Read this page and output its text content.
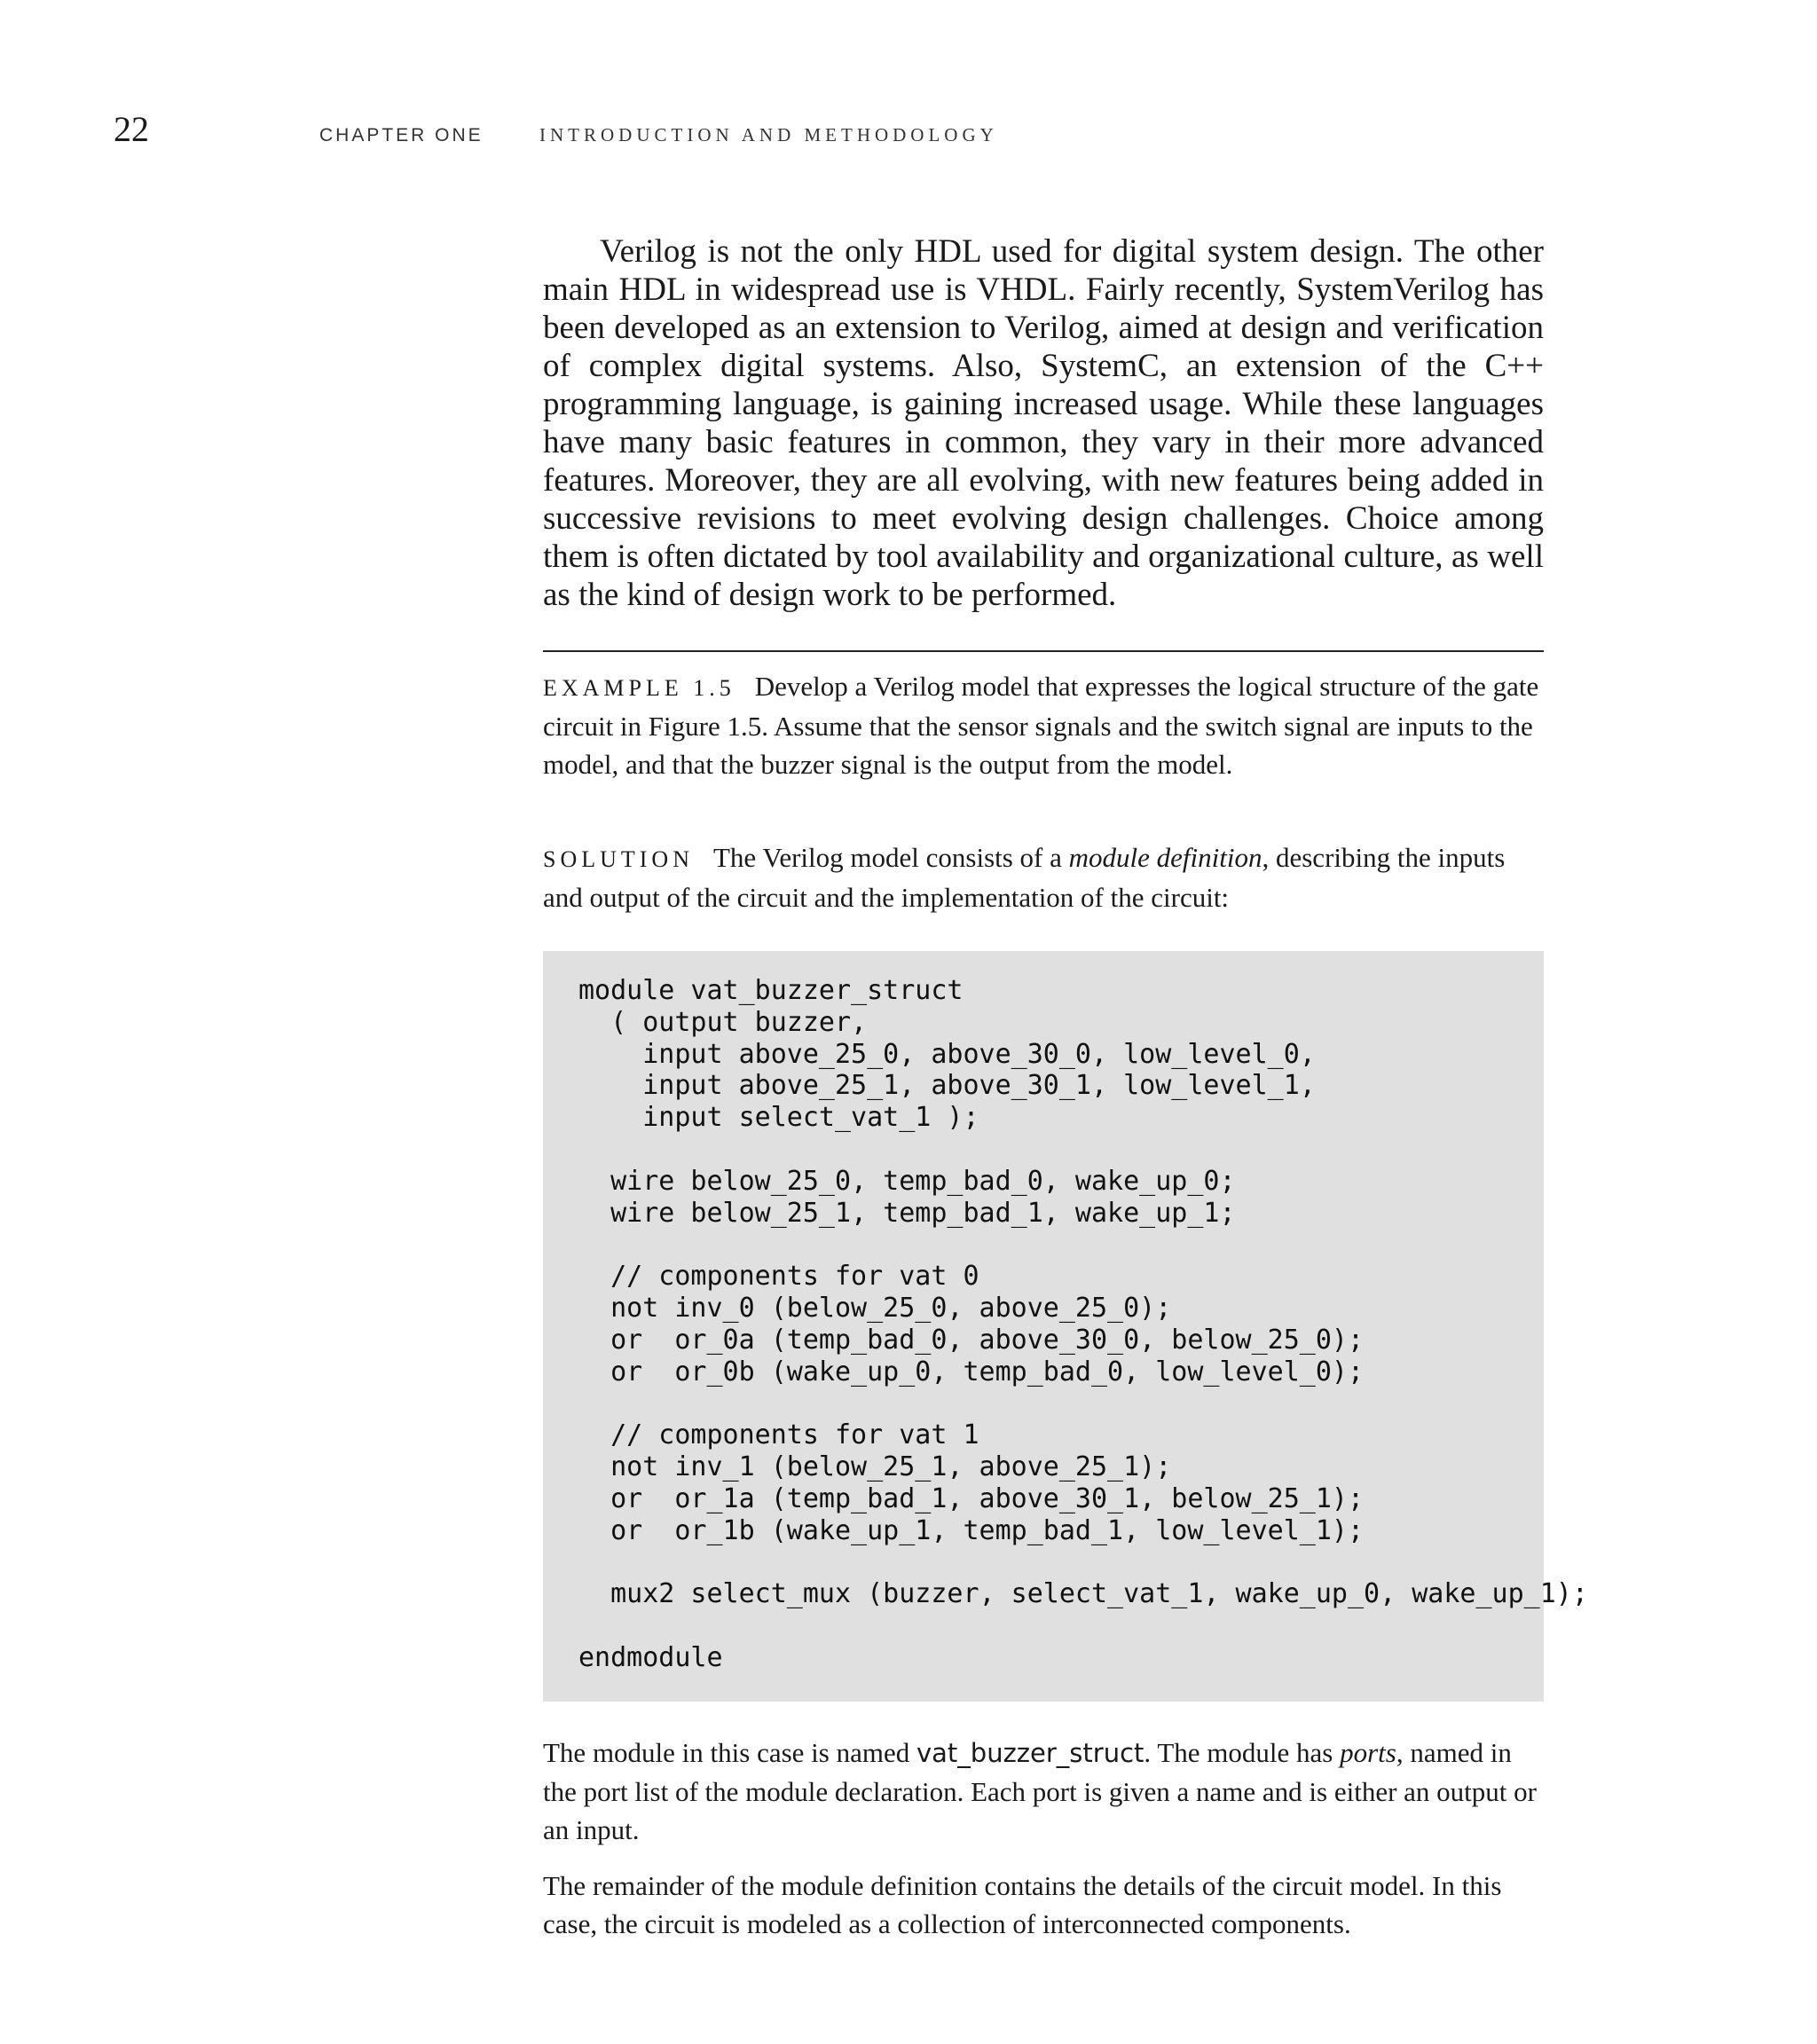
22	CHAPTER ONE	INTRODUCTION AND METHODOLOGY

Verilog is not the only HDL used for digital system design. The other main HDL in widespread use is VHDL. Fairly recently, SystemVerilog has been developed as an extension to Verilog, aimed at design and verification of complex digital systems. Also, SystemC, an extension of the C++ programming language, is gaining increased usage. While these languages have many basic features in common, they vary in their more advanced features. Moreover, they are all evolving, with new features being added in successive revisions to meet evolving design challenges. Choice among them is often dictated by tool availability and organizational culture, as well as the kind of design work to be performed.

EXAMPLE 1.5 Develop a Verilog model that expresses the logical structure of the gate circuit in Figure 1.5. Assume that the sensor signals and the switch signal are inputs to the model, and that the buzzer signal is the output from the model.

SOLUTION The Verilog model consists of a module definition, describing the inputs and output of the circuit and the implementation of the circuit:

module vat_buzzer_struct
( output buzzer,
input above_25_0, above_30_0, low_level_0,
input above_25_1, above_30_1, low_level_1,
input select_vat_1 );
wire below_25_0, temp_bad_0, wake_up_0;
wire below_25_1, temp_bad_1, wake_up_1;
// components for vat 0
not inv_0 (below_25_0, above_25_0);
or  or_0a (temp_bad_0, above_30_0, below_25_0);
or  or_0b (wake_up_0, temp_bad_0, low_level_0);
// components for vat 1
not inv_1 (below_25_1, above_25_1);
or  or_1a (temp_bad_1, above_30_1, below_25_1);
or  or_1b (wake_up_1, temp_bad_1, low_level_1);
mux2 select_mux (buzzer, select_vat_1, wake_up_0, wake_up_1);
endmodule

The module in this case is named vat_buzzer_struct. The module has ports, named in the port list of the module declaration. Each port is given a name and is either an output or an input.

The remainder of the module definition contains the details of the circuit model. In this case, the circuit is modeled as a collection of interconnected components.
